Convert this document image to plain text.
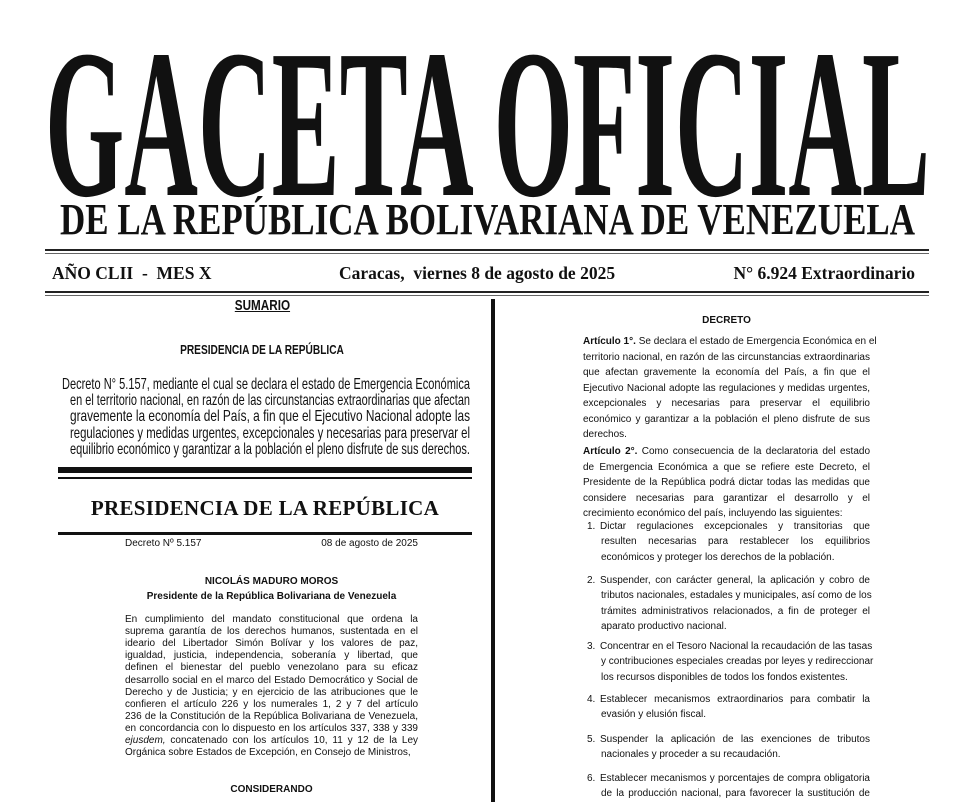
GACETA OFICIAL
DE LA REPÚBLICA BOLIVARIANA DE VENEZUELA
AÑO CLII  -  MES X	Caracas,  viernes 8 de agosto de 2025	N° 6.924 Extraordinario
SUMARIO
PRESIDENCIA DE LA REPÚBLICA
Decreto N° 5.157, mediante el cual se declara el estado de Emergencia Económica
en el territorio nacional, en razón de las circunstancias extraordinarias que afectan
gravemente la economía del País, a fin que el Ejecutivo Nacional adopte las
regulaciones y medidas urgentes, excepcionales y necesarias para preservar el
equilibrio económico y garantizar a la población el pleno disfrute de sus derechos.
PRESIDENCIA DE LA REPÚBLICA
Decreto Nº 5.157	08 de agosto de 2025
NICOLÁS MADURO MOROS
Presidente de la República Bolivariana de Venezuela
En cumplimiento del mandato constitucional que ordena la
suprema garantía de los derechos humanos, sustentada en el
ideario del Libertador Simón Bolívar y los valores de paz,
igualdad, justicia, independencia, soberanía y libertad, que
definen el bienestar del pueblo venezolano para su eficaz
desarrollo social en el marco del Estado Democrático y Social de
Derecho y de Justicia; y en ejercicio de las atribuciones que le
confieren el artículo 226 y los numerales 1, 2 y 7 del artículo
236 de la Constitución de la República Bolivariana de Venezuela,
en concordancia con lo dispuesto en los artículos 337, 338 y 339
ejusdem, concatenado con los artículos 10, 11 y 12 de la Ley
Orgánica sobre Estados de Excepción, en Consejo de Ministros,
CONSIDERANDO
DECRETO
Artículo 1°. Se declara el estado de Emergencia Económica en el
territorio nacional, en razón de las circunstancias extraordinarias
que afectan gravemente la economía del País, a fin que el
Ejecutivo Nacional adopte las regulaciones y medidas urgentes,
excepcionales y necesarias para preservar el equilibrio
económico y garantizar a la población el pleno disfrute de sus
derechos.
Artículo 2°. Como consecuencia de la declaratoria del estado
de Emergencia Económica a que se refiere este Decreto, el
Presidente de la República podrá dictar todas las medidas que
considere necesarias para garantizar el desarrollo y el
crecimiento económico del país, incluyendo las siguientes:
1. Dictar regulaciones excepcionales y transitorias que
resulten necesarias para restablecer los equilibrios
económicos y proteger los derechos de la población.
2. Suspender, con carácter general, la aplicación y cobro de
tributos nacionales, estadales y municipales, así como de los
trámites administrativos relacionados, a fin de proteger el
aparato productivo nacional.
3. Concentrar en el Tesoro Nacional la recaudación de las tasas
y contribuciones especiales creadas por leyes y redireccionar
los recursos disponibles de todos los fondos existentes.
4. Establecer mecanismos extraordinarios para combatir la
evasión y elusión fiscal.
5. Suspender la aplicación de las exenciones de tributos
nacionales y proceder a su recaudación.
6. Establecer mecanismos y porcentajes de compra obligatoria
de la producción nacional, para favorecer la sustitución de
